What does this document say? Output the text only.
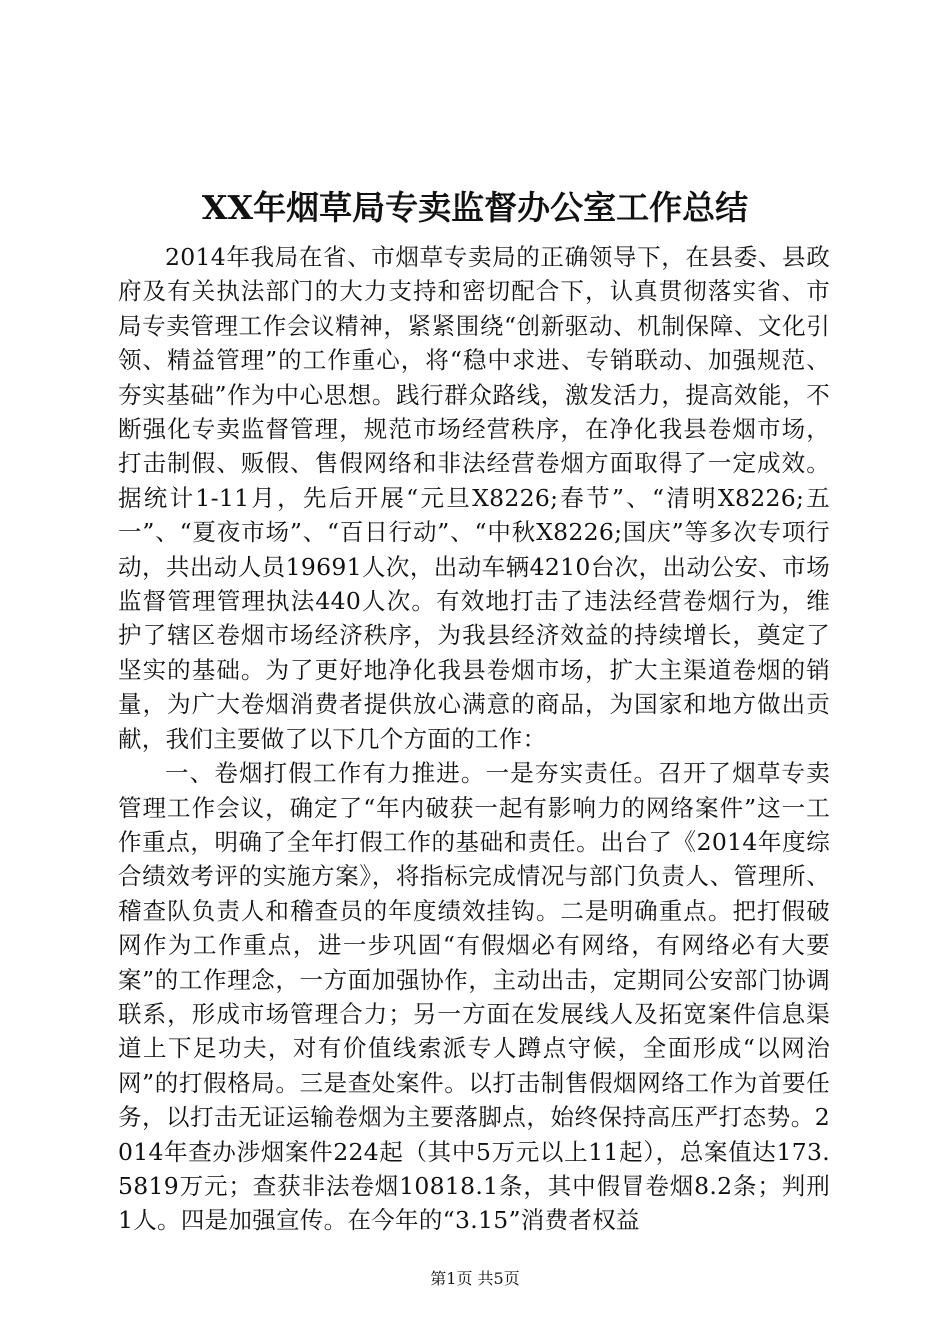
XX年烟草局专卖监督办公室工作总结

2014年我局在省、市烟草专卖局的正确领导下，在县委、县政府及有关执法部门的大力支持和密切配合下，认真贯彻落实省、市局专卖管理工作会议精神，紧紧围绕“创新驱动、机制保障、文化引领、精益管理”的工作重心，将“稳中求进、专销联动、加强规范、夯实基础”作为中心思想。践行群众路线，激发活力，提高效能，不断强化专卖监督管理，规范市场经营秩序，在净化我县卷烟市场，打击制假、贩假、售假网络和非法经营卷烟方面取得了一定成效。据统计1-11月，先后开展“元旦X8226;春节”、“清明X8226;五一”、“夏夜市场”、“百日行动”、“中秋X8226;国庆”等多次专项行动，共出动人员19691人次，出动车辆4210台次，出动公安、市场监督管理管理执法440人次。有效地打击了违法经营卷烟行为，维护了辖区卷烟市场经济秩序，为我县经济效益的持续增长，奠定了坚实的基础。为了更好地净化我县卷烟市场，扩大主渠道卷烟的销量，为广大卷烟消费者提供放心满意的商品，为国家和地方做出贡献，我们主要做了以下几个方面的工作：

一、卷烟打假工作有力推进。一是夯实责任。召开了烟草专卖管理工作会议，确定了“年内破获一起有影响力的网络案件”这一工作重点，明确了全年打假工作的基础和责任。出台了《2014年度综合绩效考评的实施方案》，将指标完成情况与部门负责人、管理所、稽查队负责人和稽查员的年度绩效挂钩。二是明确重点。把打假破网作为工作重点，进一步巩固“有假烟必有网络，有网络必有大要案”的工作理念，一方面加强协作，主动出击，定期同公安部门协调联系，形成市场管理合力；另一方面在发展线人及拓宽案件信息渠道上下足功夫，对有价值线索派专人蹲点守候，全面形成“以网治网”的打假格局。三是查处案件。以打击制售假烟网络工作为首要任务，以打击无证运输卷烟为主要落脚点，始终保持高压严打态势。2014年查办涉烟案件224起（其中5万元以上11起），总案值达173.5819万元；查获非法卷烟10818.1条，其中假冒卷烟8.2条；判刑1人。四是加强宣传。在今年的“3.15”消费者权益

第1页 共5页
